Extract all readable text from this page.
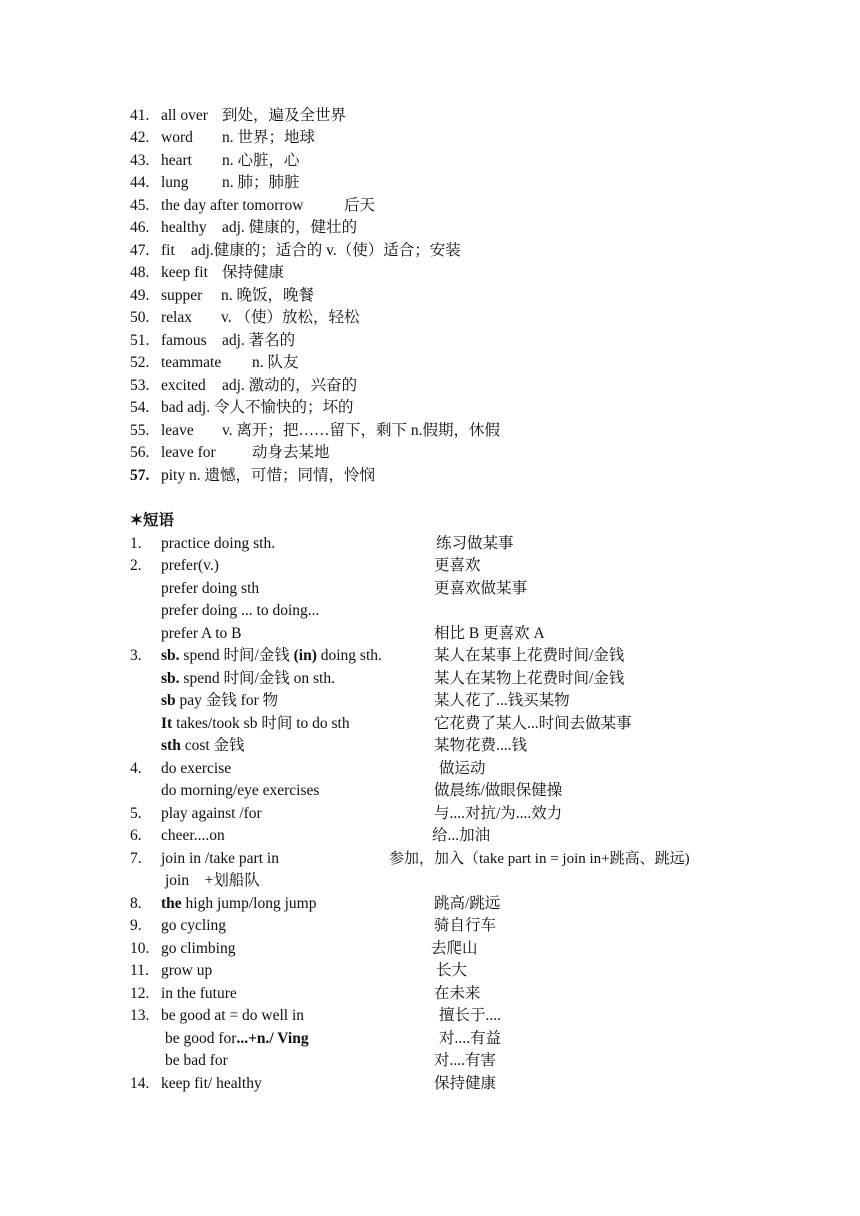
41. all over 到处，遍及全世界
42. word n. 世界；地球
43. heart n. 心脏，心
44. lung n. 肺；肺脏
45. the day after tomorrow	后天
46. healthy adj. 健康的，健壮的
47. fit adj.健康的；适合的 v.（使）适合；安装
48. keep fit 保持健康
49. supper n. 晚饭，晚餐
50. relax v. （使）放松，轻松
51. famous adj. 著名的
52. teammate n. 队友
53. excited adj. 激动的，兴奋的
54. bad adj. 令人不愉快的；坏的
55. leave v. 离开；把……留下，剩下 n.假期，休假
56. leave for 动身去某地
57. pity n. 遗憾，可惜；同情，怜悯
✶短语
1. practice doing sth.	练习做某事
2. prefer(v.)	更喜欢
prefer doing sth	更喜欢做某事
prefer doing ... to doing...
prefer A to B	相比 B 更喜欢 A
3. sb. spend 时间/金钱 (in) doing sth.	某人在某事上花费时间/金钱
sb. spend 时间/金钱 on sth.	某人在某物上花费时间/金钱
sb pay 金钱 for 物	某人花了...钱买某物
It takes/took sb 时间 to do sth	它花费了某人...时间去做某事
sth cost 金钱	某物花费....钱
4. do exercise	做运动
do morning/eye exercises	做晨练/做眼保健操
5. play against /for	与....对抗/为....效力
6. cheer....on	给...加油
7. join in /take part in	参加，加入（take part in = join in+跳高、跳远)
join    +划船队
8. the high jump/long jump	跳高/跳远
9. go cycling	骑自行车
10. go climbing	去爬山
11. grow up	长大
12. in the future	在未来
13. be good at = do well in	擅长于....
be good for...+n./ Ving	对....有益
be bad for	对....有害
14. keep fit/ healthy	保持健康
